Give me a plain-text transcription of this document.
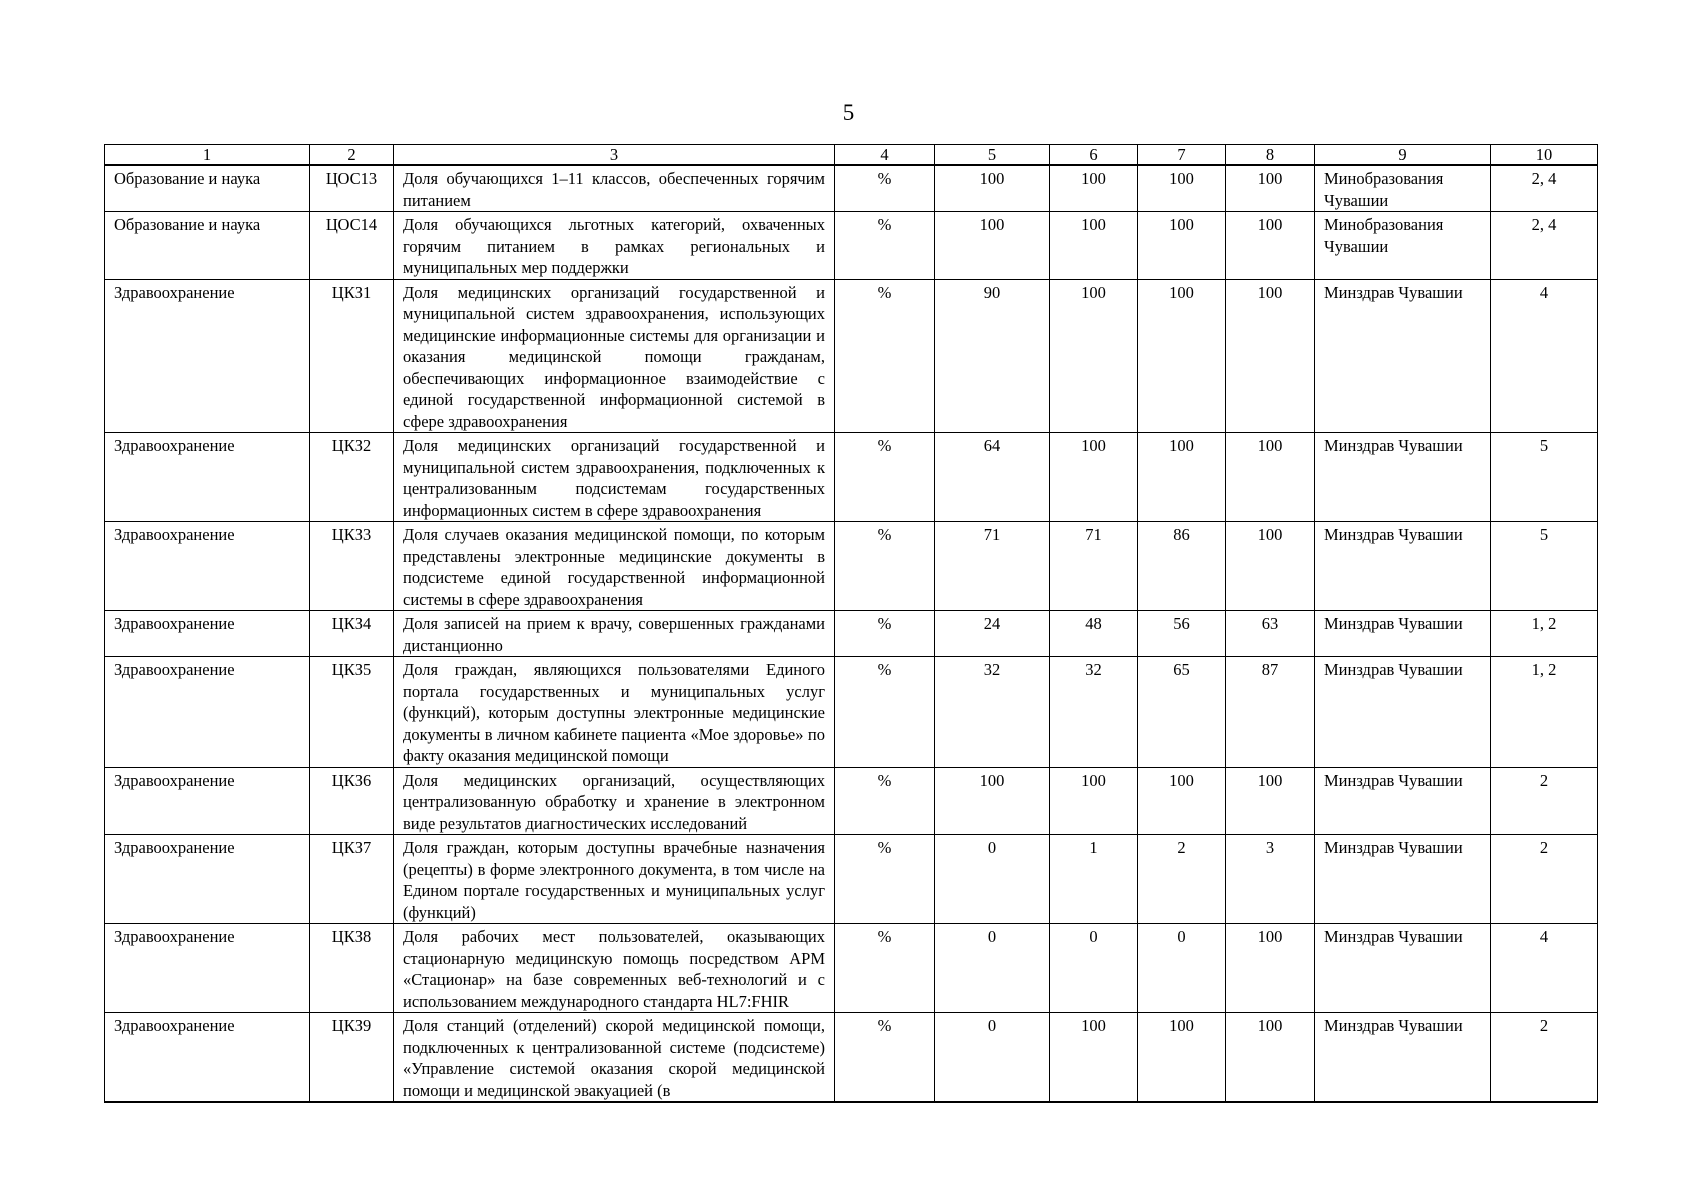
5
1	2	3	4	5	6	7	8	9	10
Образование и наука	ЦОС13	Доля обучающихся 1–11 классов, обеспеченных горячим питанием	%	100	100	100	100	Минобразования Чувашии	2, 4
Образование и наука	ЦОС14	Доля обучающихся льготных категорий, охваченных горячим питанием в рамках региональных и муниципальных мер поддержки	%	100	100	100	100	Минобразования Чувашии	2, 4
Здравоохранение	ЦКЗ1	Доля медицинских организаций государственной и муниципальной систем здравоохранения, использующих медицинские информационные системы для организации и оказания медицинской помощи гражданам, обеспечивающих информационное взаимодействие с единой государственной информационной системой в сфере здравоохранения	%	90	100	100	100	Минздрав Чувашии	4
Здравоохранение	ЦКЗ2	Доля медицинских организаций государственной и муниципальной систем здравоохранения, подключенных к централизованным подсистемам государственных информационных систем в сфере здравоохранения	%	64	100	100	100	Минздрав Чувашии	5
Здравоохранение	ЦКЗ3	Доля случаев оказания медицинской помощи, по которым представлены электронные медицинские документы в подсистеме единой государственной информационной системы в сфере здравоохранения	%	71	71	86	100	Минздрав Чувашии	5
Здравоохранение	ЦКЗ4	Доля записей на прием к врачу, совершенных гражданами дистанционно	%	24	48	56	63	Минздрав Чувашии	1, 2
Здравоохранение	ЦКЗ5	Доля граждан, являющихся пользователями Единого портала государственных и муниципальных услуг (функций), которым доступны электронные медицинские документы в личном кабинете пациента «Мое здоровье» по факту оказания медицинской помощи	%	32	32	65	87	Минздрав Чувашии	1, 2
Здравоохранение	ЦКЗ6	Доля медицинских организаций, осуществляющих централизованную обработку и хранение в электронном виде результатов диагностических исследований	%	100	100	100	100	Минздрав Чувашии	2
Здравоохранение	ЦКЗ7	Доля граждан, которым доступны врачебные назначения (рецепты) в форме электронного документа, в том числе на Едином портале государственных и муниципальных услуг (функций)	%	0	1	2	3	Минздрав Чувашии	2
Здравоохранение	ЦКЗ8	Доля рабочих мест пользователей, оказывающих стационарную медицинскую помощь посредством АРМ «Стационар» на базе современных веб-технологий и с использованием международного стандарта HL7:FHIR	%	0	0	0	100	Минздрав Чувашии	4
Здравоохранение	ЦКЗ9	Доля станций (отделений) скорой медицинской помощи, подключенных к централизованной системе (подсистеме) «Управление системой оказания скорой медицинской помощи и медицинской эвакуацией (в	%	0	100	100	100	Минздрав Чувашии	2
